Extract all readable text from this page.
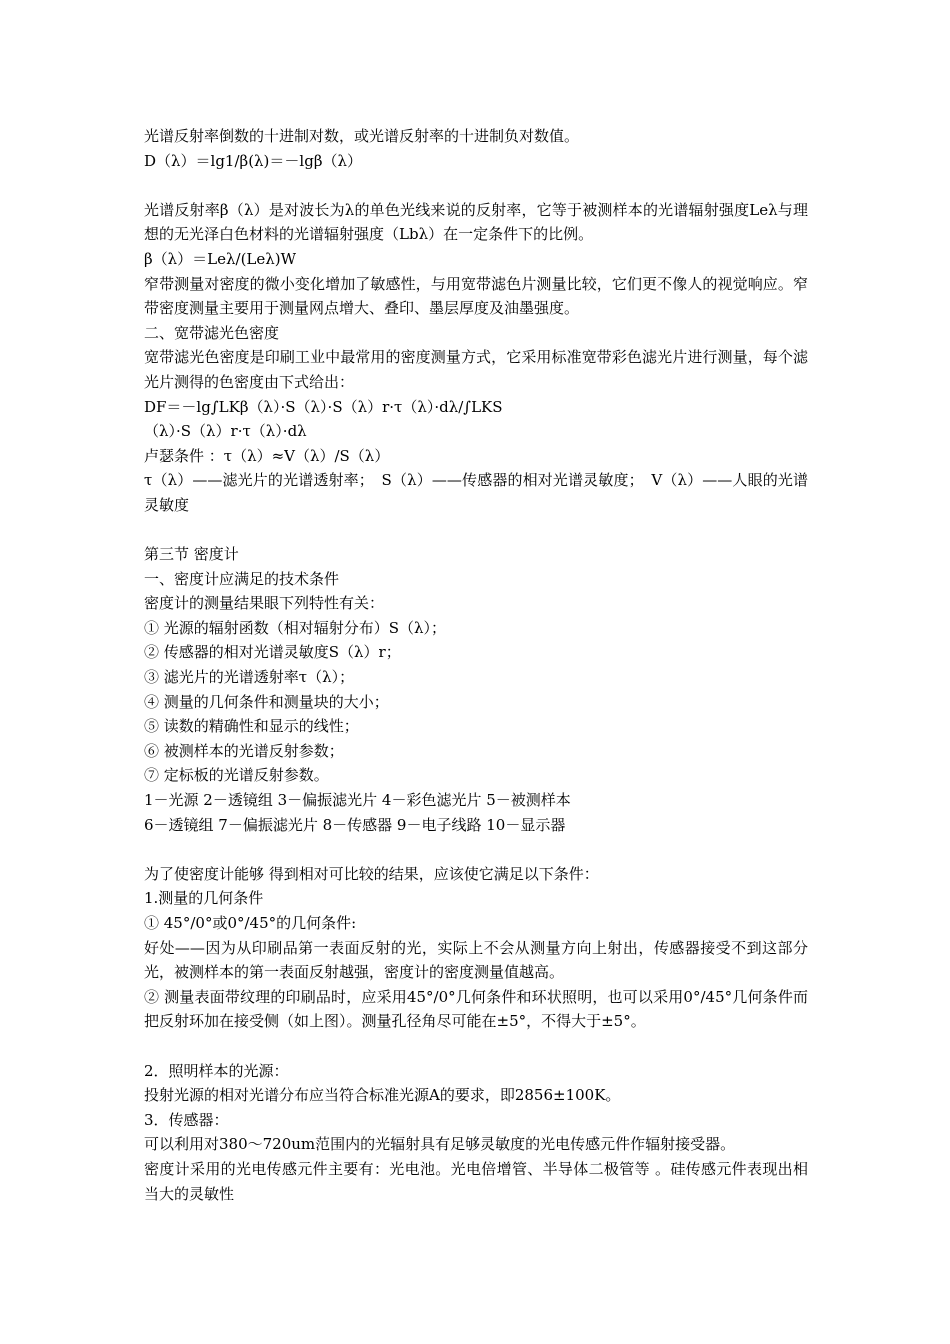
光谱反射率倒数的十进制对数，或光谱反射率的十进制负对数值。

D（λ）＝lg1/β(λ)＝－lgβ（λ）

光谱反射率β（λ）是对波长为λ的单色光线来说的反射率，它等于被测样本的光谱辐射强度Leλ与理想的无光泽白色材料的光谱辐射强度（Lbλ）在一定条件下的比例。

β（λ）＝Leλ/(Leλ)W

窄带测量对密度的微小变化增加了敏感性，与用宽带滤色片测量比较，它们更不像人的视觉响应。窄带密度测量主要用于测量网点增大、叠印、墨层厚度及油墨强度。

二、宽带滤光色密度

宽带滤光色密度是印刷工业中最常用的密度测量方式，它采用标准宽带彩色滤光片进行测量，每个滤光片测得的色密度由下式给出：

DF＝－lg∫LKβ（λ）·S（λ）·S（λ）r·τ（λ）·dλ/∫LKS

（λ）·S（λ）r·τ（λ）·dλ

卢瑟条件 ：τ（λ）≈V（λ）/S（λ）

τ（λ）——滤光片的光谱透射率；　S（λ）——传感器的相对光谱灵敏度；　V（λ）——人眼的光谱灵敏度

第三节 密度计

一、密度计应满足的技术条件

密度计的测量结果眼下列特性有关：

① 光源的辐射函数（相对辐射分布）S（λ）；

② 传感器的相对光谱灵敏度S（λ）r；

③ 滤光片的光谱透射率τ（λ）；

④ 测量的几何条件和测量块的大小；

⑤ 读数的精确性和显示的线性；

⑥ 被测样本的光谱反射参数；

⑦ 定标板的光谱反射参数。

1－光源 2－透镜组 3－偏振滤光片 4－彩色滤光片 5－被测样本

6－透镜组 7－偏振滤光片 8－传感器 9－电子线路 10－显示器

为了使密度计能够 得到相对可比较的结果，应该使它满足以下条件：

1.测量的几何条件

① 45°/0°或0°/45°的几何条件:

好处——因为从印刷品第一表面反射的光，实际上不会从测量方向上射出，传感器接受不到这部分光，被测样本的第一表面反射越强，密度计的密度测量值越高。

② 测量表面带纹理的印刷品时，应采用45°/0°几何条件和环状照明，也可以采用0°/45°几何条件而把反射环加在接受侧（如上图）。测量孔径角尽可能在±5°，不得大于±5°。

2．照明样本的光源：

投射光源的相对光谱分布应当符合标准光源A的要求，即2856±100K。

3．传感器：

可以利用对380～720um范围内的光辐射具有足够灵敏度的光电传感元件作辐射接受器。

密度计采用的光电传感元件主要有：光电池。光电倍增管、半导体二极管等 。硅传感元件表现出相当大的灵敏性
